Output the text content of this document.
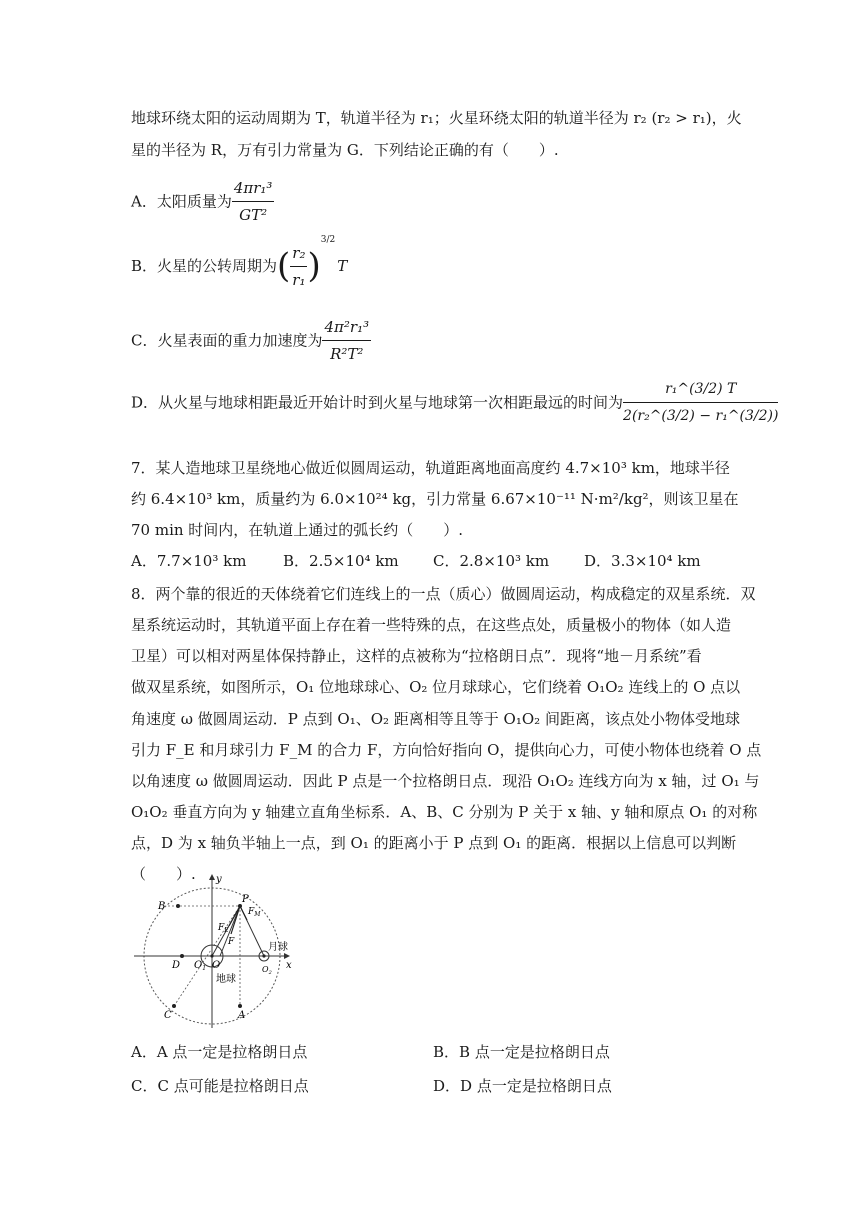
地球环绕太阳的运动周期为 T，轨道半径为 r₁；火星环绕太阳的轨道半径为 r₂ (r₂ > r₁)，火
星的半径为 R，万有引力常量为 G．下列结论正确的有（　　）.
A．太阳质量为 $\frac{\text{4πr₁³}}{\text{GT²}}$
B．火星的公转周期为( $\frac{\text{r₂}}{\text{r₁}} )^{3/2}T$
C．火星表面的重力加速度为 $\frac{\text{4π²r₁³}}{\text{R²T²}}$
D．从火星与地球相距最近开始计时到火星与地球第一次相距最远的时间为 $\frac{\text{r₁\textasciicircum{}(3/2) T}}{\text{2(r₂\textasciicircum{}(3/2) − r₁\textasciicircum{}(3/2))}}$
7．某人造地球卫星绕地心做近似圆周运动，轨道距离地面高度约 4.7×10³ km，地球半径
约 6.4×10³ km，质量约为 6.0×10²⁴ kg，引力常量 6.67×10⁻¹¹ N·m²/kg²，则该卫星在
70 min 时间内，在轨道上通过的弧长约（　　）.
A．7.7×10³ km B．2.5×10⁴ km C．2.8×10³ km D．3.3×10⁴ km
8．两个靠的很近的天体绕着它们连线上的一点（质心）做圆周运动，构成稳定的双星系统．双
星系统运动时，其轨道平面上存在着一些特殊的点，在这些点处，质量极小的物体（如人造
卫星）可以相对两星体保持静止，这样的点被称为“拉格朗日点”．现将“地－月系统”看
做双星系统，如图所示，O₁ 位地球球心、O₂ 位月球球心，它们绕着 O₁O₂ 连线上的 O 点以
角速度 ω 做圆周运动．P 点到 O₁、O₂ 距离相等且等于 O₁O₂ 间距离，该点处小物体受地球
引力 F_E 和月球引力 F_M 的合力 F，方向恰好指向 O，提供向心力，可使小物体也绕着 O 点
以角速度 ω 做圆周运动．因此 P 点是一个拉格朗日点．现沿 O₁O₂ 连线方向为 x 轴，过 O₁ 与
O₁O₂ 垂直方向为 y 轴建立直角坐标系．A、B、C 分别为 P 关于 x 轴、y 轴和原点 O₁ 的对称
点，D 为 x 轴负半轴上一点，到 O₁ 的距离小于 P 点到 O₁ 的距离．根据以上信息可以判断
（　　）. y
x
B
P
$F_M$
$F_E$
F
D $O_1$ O
地球
月球
$O_2$
C	A
A．A 点一定是拉格朗日点	B．B 点一定是拉格朗日点
C．C 点可能是拉格朗日点	D．D 点一定是拉格朗日点
